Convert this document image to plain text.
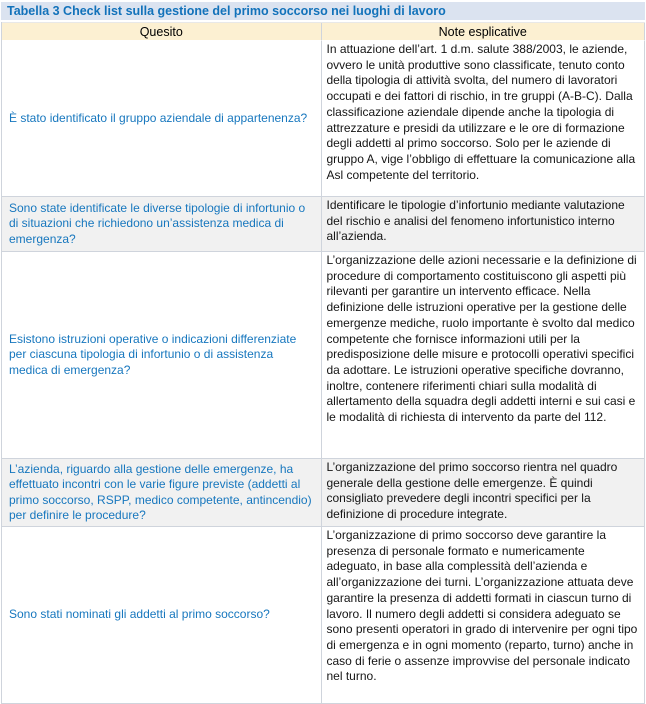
Tabella 3 Check list sulla gestione del primo soccorso nei luoghi di lavoro
Quesito	Note esplicative
È stato identificato il gruppo aziendale di appartenenza?
In attuazione dell’art. 1 d.m. salute 388/2003, le aziende, ovvero le unità produttive sono classificate, tenuto conto della tipologia di attività svolta, del numero di lavoratori occupati e dei fattori di rischio, in tre gruppi (A-B-C). Dalla classificazione aziendale dipende anche la tipologia di attrezzature e presidi da utilizzare e le ore di formazione degli addetti al primo soccorso. Solo per le aziende di gruppo A, vige l’obbligo di effettuare la comunicazione alla Asl competente del territorio.
Sono state identificate le diverse tipologie di infortunio o di situazioni che richiedono un’assistenza medica di emergenza?
Identificare le tipologie d’infortunio mediante valutazione del rischio e analisi del fenomeno infortunistico interno all’azienda.
Esistono istruzioni operative o indicazioni differenziate per ciascuna tipologia di infortunio o di assistenza medica di emergenza?
L’organizzazione delle azioni necessarie e la definizione di procedure di comportamento costituiscono gli aspetti più rilevanti per garantire un intervento efficace. Nella definizione delle istruzioni operative per la gestione delle emergenze mediche, ruolo importante è svolto dal medico competente che fornisce informazioni utili per la predisposizione delle misure e protocolli operativi specifici da adottare. Le istruzioni operative specifiche dovranno, inoltre, contenere riferimenti chiari sulla modalità di allertamento della squadra degli addetti interni e sui casi e le modalità di richiesta di intervento da parte del 112.
L’azienda, riguardo alla gestione delle emergenze, ha effettuato incontri con le varie figure previste (addetti al primo soccorso, RSPP, medico competente, antincendio) per definire le procedure?
L’organizzazione del primo soccorso rientra nel quadro generale della gestione delle emergenze. È quindi consigliato prevedere degli incontri specifici per la definizione di procedure integrate.
Sono stati nominati gli addetti al primo soccorso?
L’organizzazione di primo soccorso deve garantire la presenza di personale formato e numericamente adeguato, in base alla complessità dell’azienda e all’organizzazione dei turni. L’organizzazione attuata deve garantire la presenza di addetti formati in ciascun turno di lavoro. Il numero degli addetti si considera adeguato se sono presenti operatori in grado di intervenire per ogni tipo di emergenza e in ogni momento (reparto, turno) anche in caso di ferie o assenze improvvise del personale indicato nel turno.
